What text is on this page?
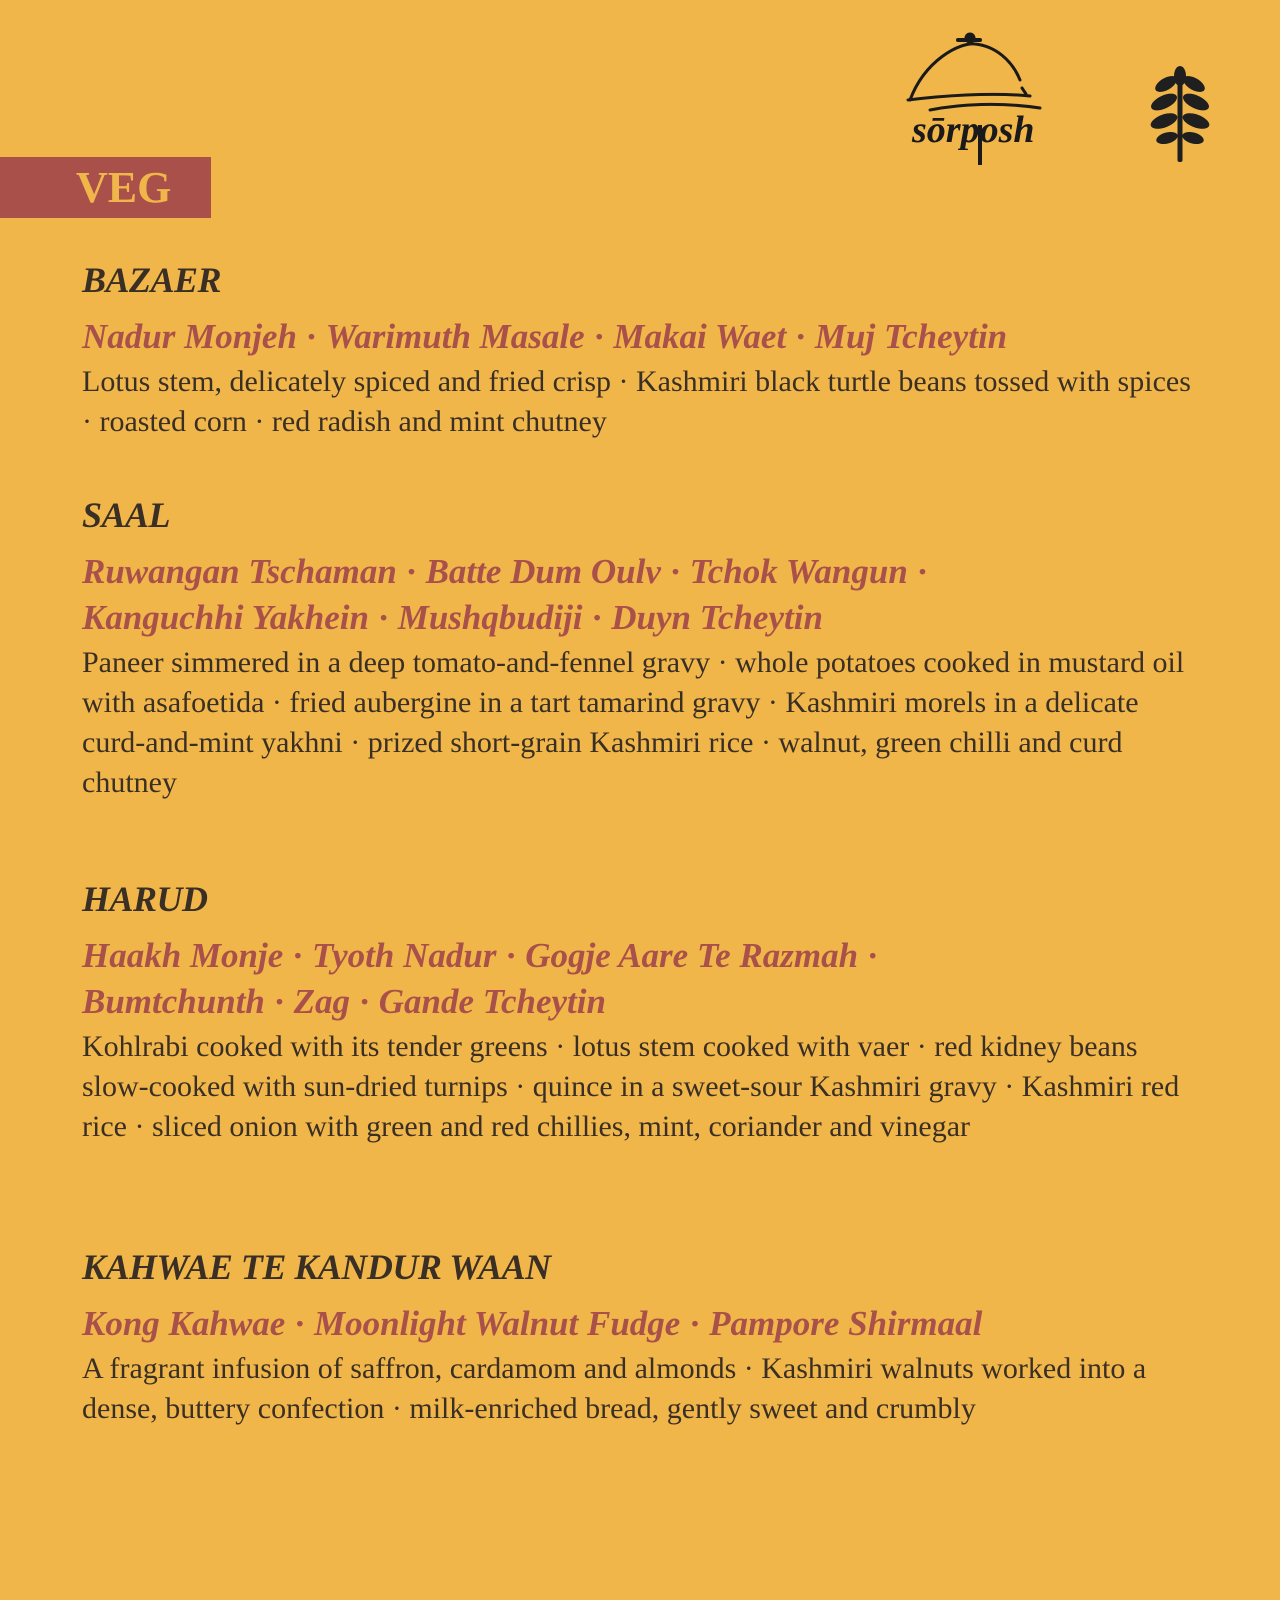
sōrposh
VEG
BAZAER
Nadur Monjeh · Warimuth Masale · Makai Waet · Muj Tcheytin

Lotus stem, delicately spiced and fried crisp · Kashmiri black turtle beans tossed with spices · roasted corn · red radish and mint chutney

SAAL
Ruwangan Tschaman · Batte Dum Oulv · Tchok Wangun ·
Kanguchhi Yakhein · Mushqbudiji · Duyn Tcheytin

Paneer simmered in a deep tomato-and-fennel gravy · whole potatoes cooked in mustard oil with asafoetida · fried aubergine in a tart tamarind gravy · Kashmiri morels in a delicate curd-and-mint yakhni · prized short-grain Kashmiri rice · walnut, green chilli and curd chutney

HARUD
Haakh Monje · Tyoth Nadur · Gogje Aare Te Razmah ·
Bumtchunth · Zag · Gande Tcheytin

Kohlrabi cooked with its tender greens · lotus stem cooked with vaer · red kidney beans slow-cooked with sun-dried turnips · quince in a sweet-sour Kashmiri gravy · Kashmiri red rice · sliced onion with green and red chillies, mint, coriander and vinegar

KAHWAE TE KANDUR WAAN
Kong Kahwae · Moonlight Walnut Fudge · Pampore Shirmaal

A fragrant infusion of saffron, cardamom and almonds · Kashmiri walnuts worked into a dense, buttery confection · milk-enriched bread, gently sweet and crumbly
